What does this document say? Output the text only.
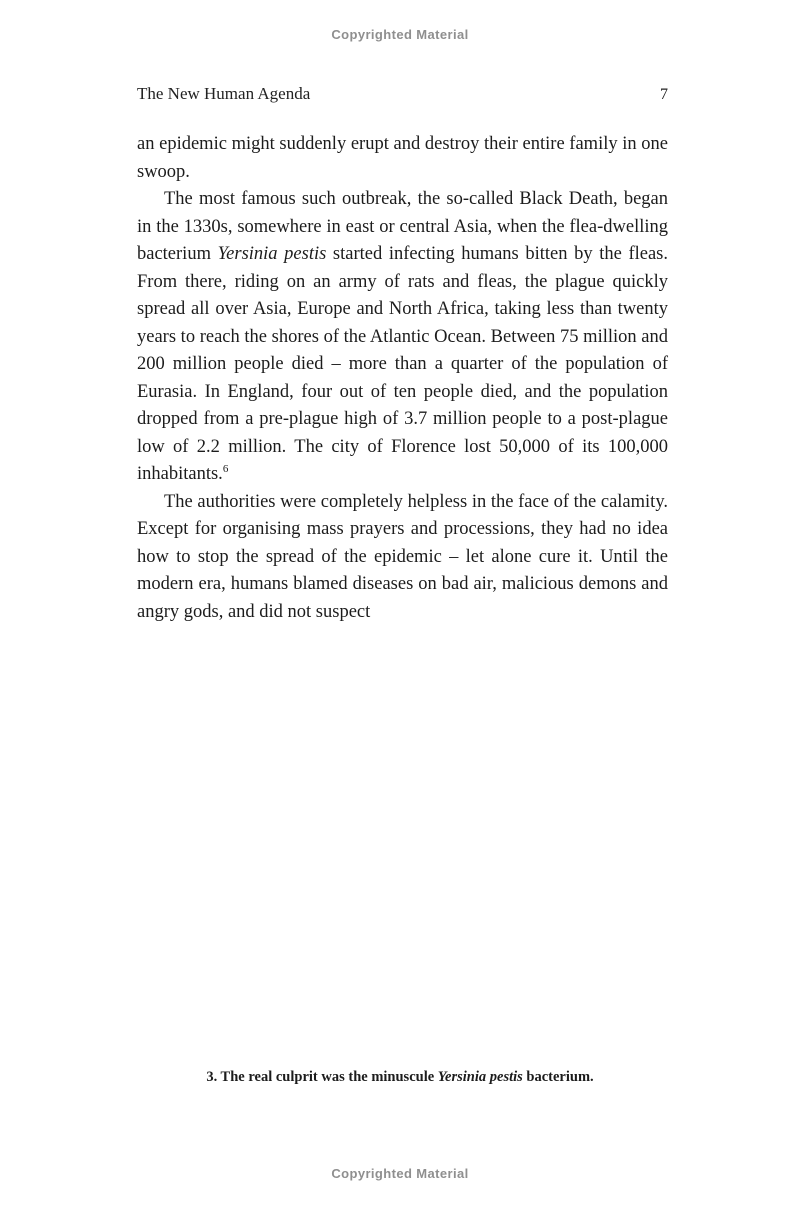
Copyrighted Material
The New Human Agenda	7

an epidemic might suddenly erupt and destroy their entire family in one swoop.

The most famous such outbreak, the so-called Black Death, began in the 1330s, somewhere in east or central Asia, when the flea-dwelling bacterium Yersinia pestis started infecting humans bitten by the fleas. From there, riding on an army of rats and fleas, the plague quickly spread all over Asia, Europe and North Africa, taking less than twenty years to reach the shores of the Atlantic Ocean. Between 75 million and 200 million people died – more than a quarter of the population of Eurasia. In England, four out of ten people died, and the population dropped from a pre-plague high of 3.7 million people to a post-plague low of 2.2 million. The city of Florence lost 50,000 of its 100,000 inhabitants.$^6$

The authorities were completely helpless in the face of the calamity. Except for organising mass prayers and processions, they had no idea how to stop the spread of the epidemic – let alone cure it. Until the modern era, humans blamed diseases on bad air, malicious demons and angry gods, and did not suspect

3. The real culprit was the minuscule Yersinia pestis bacterium.
Copyrighted Material
